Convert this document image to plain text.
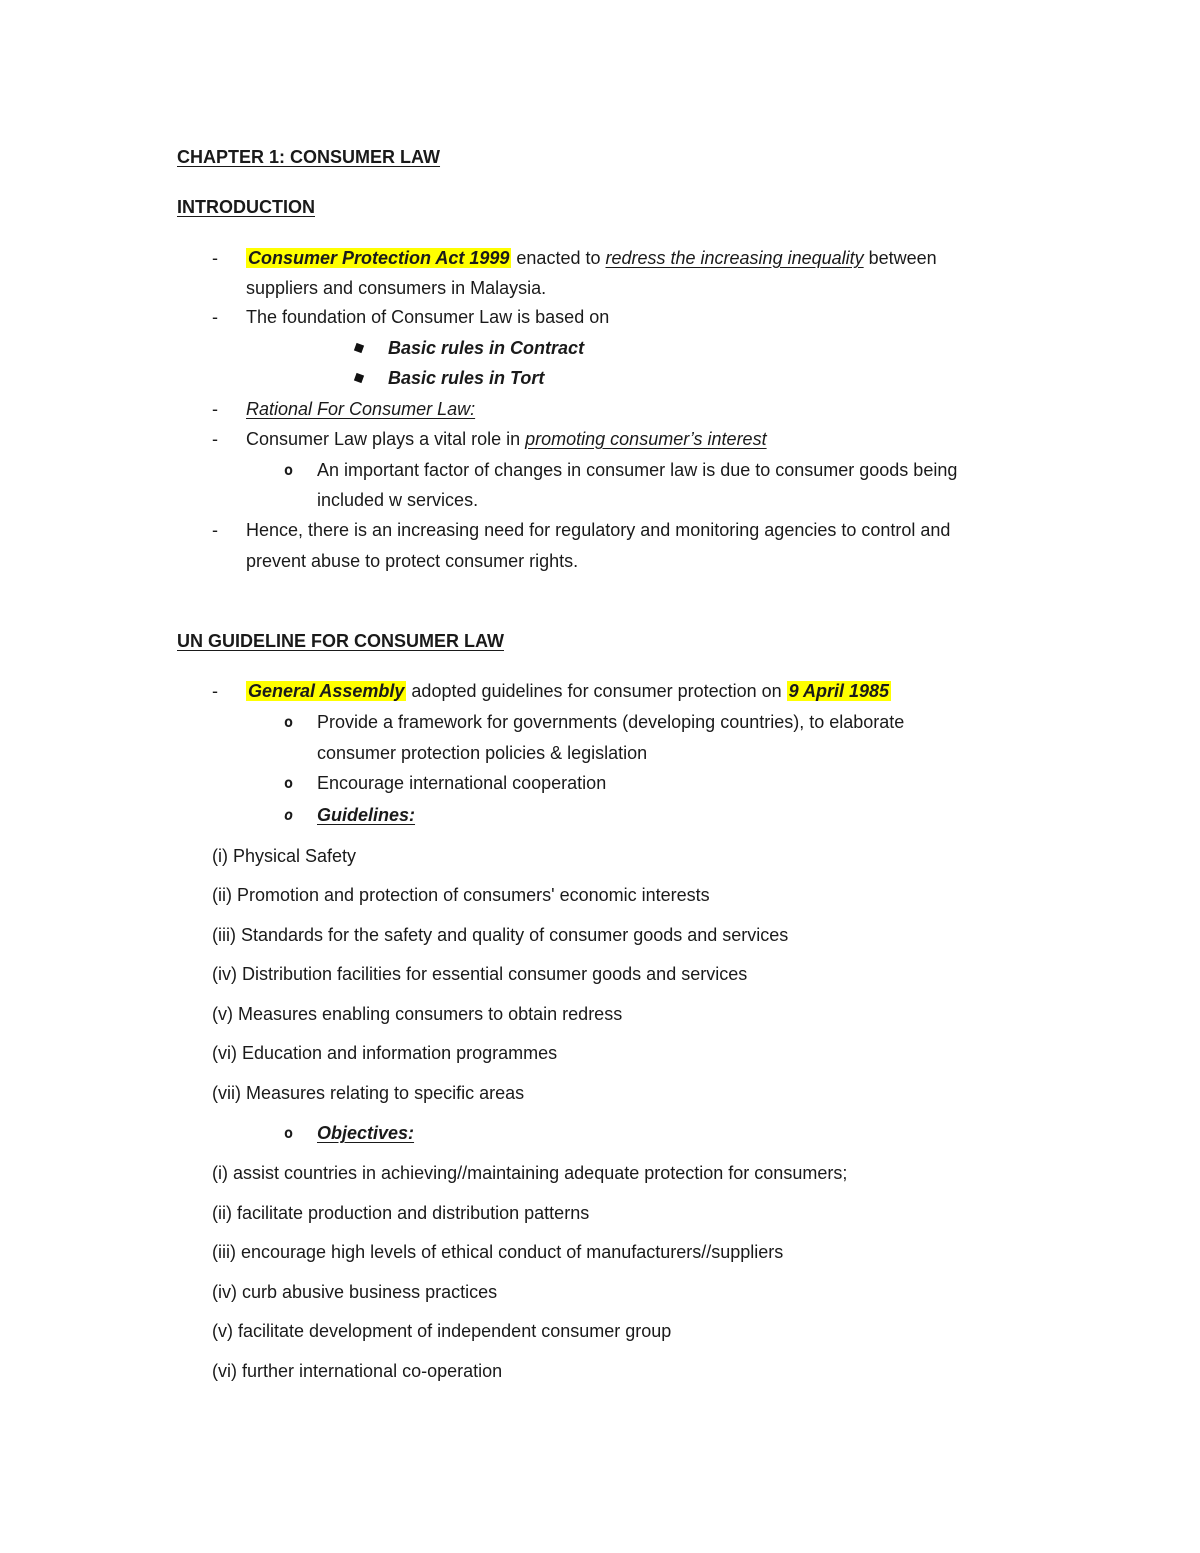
CHAPTER 1: CONSUMER LAW
INTRODUCTION
-	Consumer Protection Act 1999 enacted to redress the increasing inequality between
suppliers and consumers in Malaysia.
-	The foundation of Consumer Law is based on
Basic rules in Contract
Basic rules in Tort
-	Rational For Consumer Law:
-	Consumer Law plays a vital role in promoting consumer’s interest
o An important factor of changes in consumer law is due to consumer goods being
included w services.
-	Hence, there is an increasing need for regulatory and monitoring agencies to control and
prevent abuse to protect consumer rights.
UN GUIDELINE FOR CONSUMER LAW
-	General Assembly adopted guidelines for consumer protection on 9 April 1985
o Provide a framework for governments (developing countries), to elaborate
consumer protection policies & legislation
o Encourage international cooperation
o Guidelines:
(i) Physical Safety
(ii) Promotion and protection of consumers' economic interests
(iii) Standards for the safety and quality of consumer goods and services
(iv) Distribution facilities for essential consumer goods and services
(v) Measures enabling consumers to obtain redress
(vi) Education and information programmes
(vii) Measures relating to specific areas
o Objectives:
(i) assist countries in achieving//maintaining adequate protection for consumers;
(ii) facilitate production and distribution patterns
(iii) encourage high levels of ethical conduct of manufacturers//suppliers
(iv) curb abusive business practices
(v) facilitate development of independent consumer group
(vi) further international co-operation
